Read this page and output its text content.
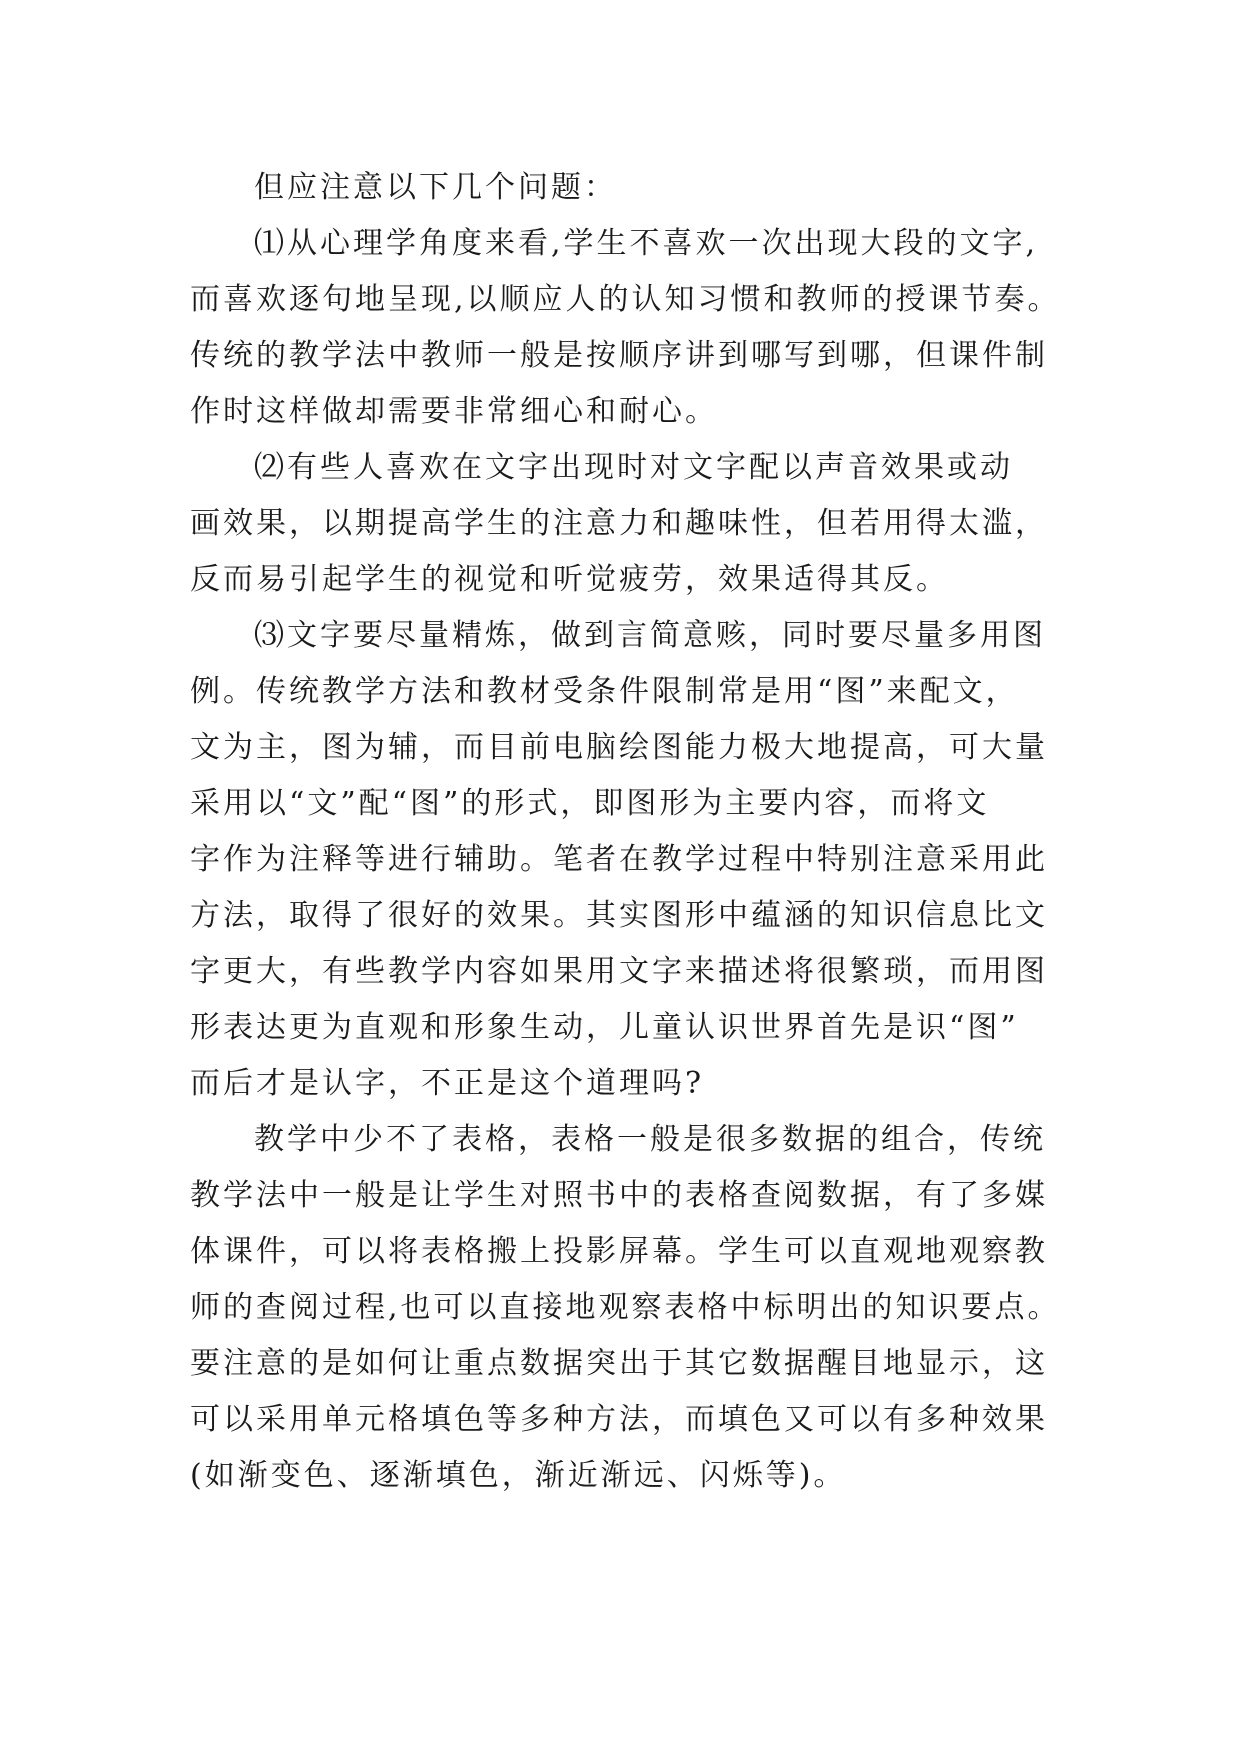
但应注意以下几个问题：
⑴从心理学角度来看,学生不喜欢一次出现大段的文字,
而喜欢逐句地呈现,以顺应人的认知习惯和教师的授课节奏。
传统的教学法中教师一般是按顺序讲到哪写到哪，但课件制
作时这样做却需要非常细心和耐心。
⑵有些人喜欢在文字出现时对文字配以声音效果或动
画效果，以期提高学生的注意力和趣味性，但若用得太滥，
反而易引起学生的视觉和听觉疲劳，效果适得其反。
⑶文字要尽量精炼，做到言简意赅，同时要尽量多用图
例。传统教学方法和教材受条件限制常是用“图”来配文，
文为主，图为辅，而目前电脑绘图能力极大地提高，可大量
采用以“文”配“图”的形式，即图形为主要内容，而将文
字作为注释等进行辅助。笔者在教学过程中特别注意采用此
方法，取得了很好的效果。其实图形中蕴涵的知识信息比文
字更大，有些教学内容如果用文字来描述将很繁琐，而用图
形表达更为直观和形象生动，儿童认识世界首先是识“图”
而后才是认字，不正是这个道理吗?
教学中少不了表格，表格一般是很多数据的组合，传统
教学法中一般是让学生对照书中的表格查阅数据，有了多媒
体课件，可以将表格搬上投影屏幕。学生可以直观地观察教
师的查阅过程,也可以直接地观察表格中标明出的知识要点。
要注意的是如何让重点数据突出于其它数据醒目地显示，这
可以采用单元格填色等多种方法，而填色又可以有多种效果
(如渐变色、逐渐填色，渐近渐远、闪烁等)。
